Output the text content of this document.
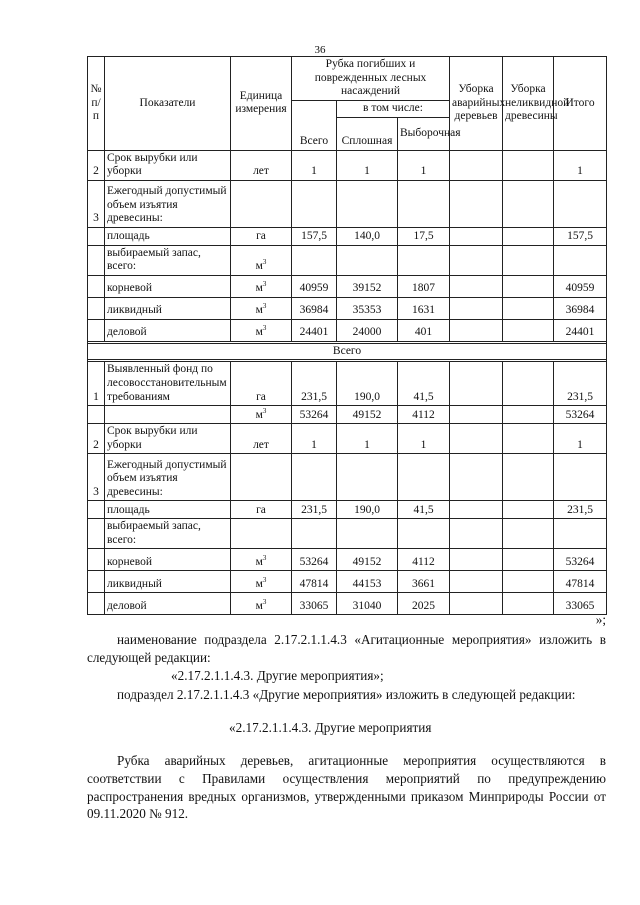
36
№ п/п	Показатели	Единица измерения	Рубка погибших и поврежденных лесных насаждений			Уборка аварийных деревьев	Уборка неликвидной древесины	Итого
			Всего	в том числе:				
				Сплошная	Выборочная			
2	Срок вырубки или уборки	лет	1	1	1			1
3	Ежегодный допустимый объем изъятия древесины:							
	площадь	га	157,5	140,0	17,5			157,5
	выбираемый запас, всего:	$м^3$						
	корневой	$м^3$	40959	39152	1807			40959
	ликвидный	$м^3$	36984	35353	1631			36984
	деловой	$м^3$	24401	24000	401			24401

Всего								

1	Выявленный фонд по лесовосстановительным требованиям	га	231,5	190,0	41,5			231,5
		$м^3$	53264	49152	4112			53264
2	Срок вырубки или уборки	лет	1	1	1			1
3	Ежегодный допустимый объем изъятия древесины:							
	площадь	га	231,5	190,0	41,5			231,5
	выбираемый запас, всего:							
	корневой	$м^3$	53264	49152	4112			53264
	ликвидный	$м^3$	47814	44153	3661			47814
	деловой	$м^3$	33065	31040	2025			33065
»;
наименование подраздела 2.17.2.1.1.4.3 «Агитационные мероприятия» изложить в следующей редакции:
«2.17.2.1.1.4.3. Другие мероприятия»;
подраздел 2.17.2.1.1.4.3 «Другие мероприятия» изложить в следующей редакции:
«2.17.2.1.1.4.3. Другие мероприятия
Рубка аварийных деревьев, агитационные мероприятия осуществляются в соответствии с Правилами осуществления мероприятий по предупреждению распространения вредных организмов, утвержденными приказом Минприроды России от 09.11.2020 № 912.
